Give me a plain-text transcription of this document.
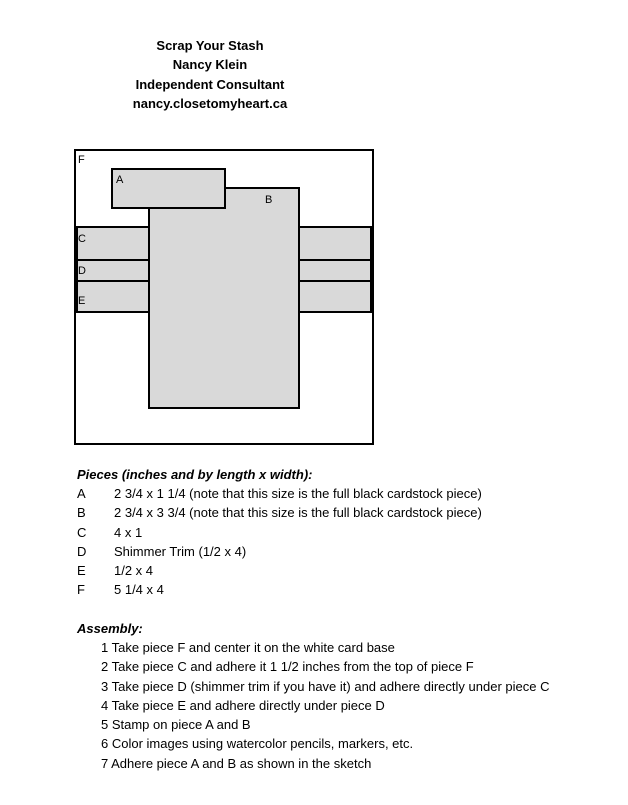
Scrap Your Stash
Nancy Klein
Independent Consultant
nancy.closetomyheart.ca
F
A
B
C
D
E
Pieces (inches and by length x width):
A 2 3/4 x 1 1/4 (note that this size is the full black cardstock piece)
B 2 3/4 x 3 3/4 (note that this size is the full black cardstock piece)
C 4 x 1
D Shimmer Trim (1/2 x 4)
E 1/2 x 4
F 5 1/4 x 4
Assembly:
1 Take piece F and center it on the white card base
2 Take piece C and adhere it 1 1/2 inches from the top of piece F
3 Take piece D (shimmer trim if you have it) and adhere directly under piece C
4 Take piece E and adhere directly under piece D
5 Stamp on piece A and B
6 Color images using watercolor pencils, markers, etc.
7 Adhere piece A and B as shown in the sketch
